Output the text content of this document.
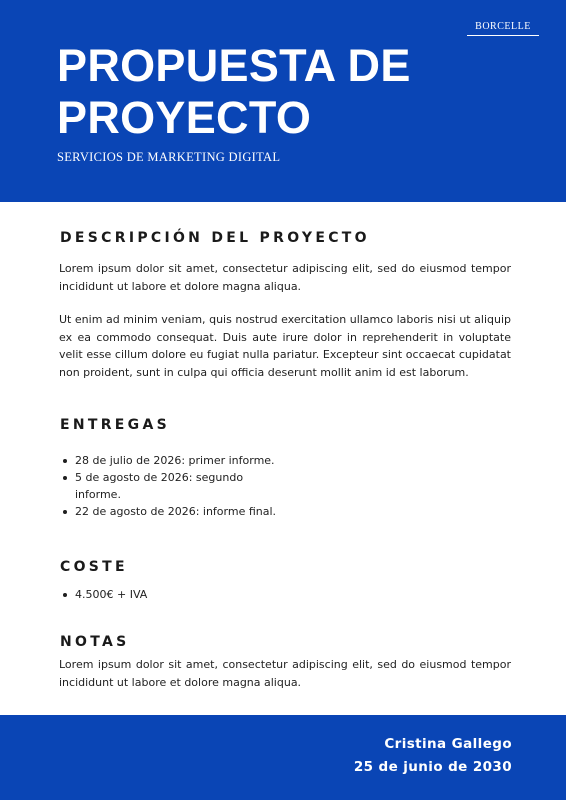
BORCELLE
PROPUESTA DE
PROYECTO
SERVICIOS DE MARKETING DIGITAL
DESCRIPCIÓN DEL PROYECTO

Lorem ipsum dolor sit amet, consectetur adipiscing elit, sed do eiusmod tempor incididunt ut labore et dolore magna aliqua.

Ut enim ad minim veniam, quis nostrud exercitation ullamco laboris nisi ut aliquip ex ea commodo consequat. Duis aute irure dolor in reprehenderit in voluptate velit esse cillum dolore eu fugiat nulla pariatur. Excepteur sint occaecat cupidatat non proident, sunt in culpa qui officia deserunt mollit anim id est laborum.

ENTREGAS
28 de julio de 2026: primer informe.
5 de agosto de 2026: segundo informe.
22 de agosto de 2026: informe final.
COSTE
4.500€ + IVA
NOTAS

Lorem ipsum dolor sit amet, consectetur adipiscing elit, sed do eiusmod tempor incididunt ut labore et dolore magna aliqua.

Cristina Gallego
25 de junio de 2030
